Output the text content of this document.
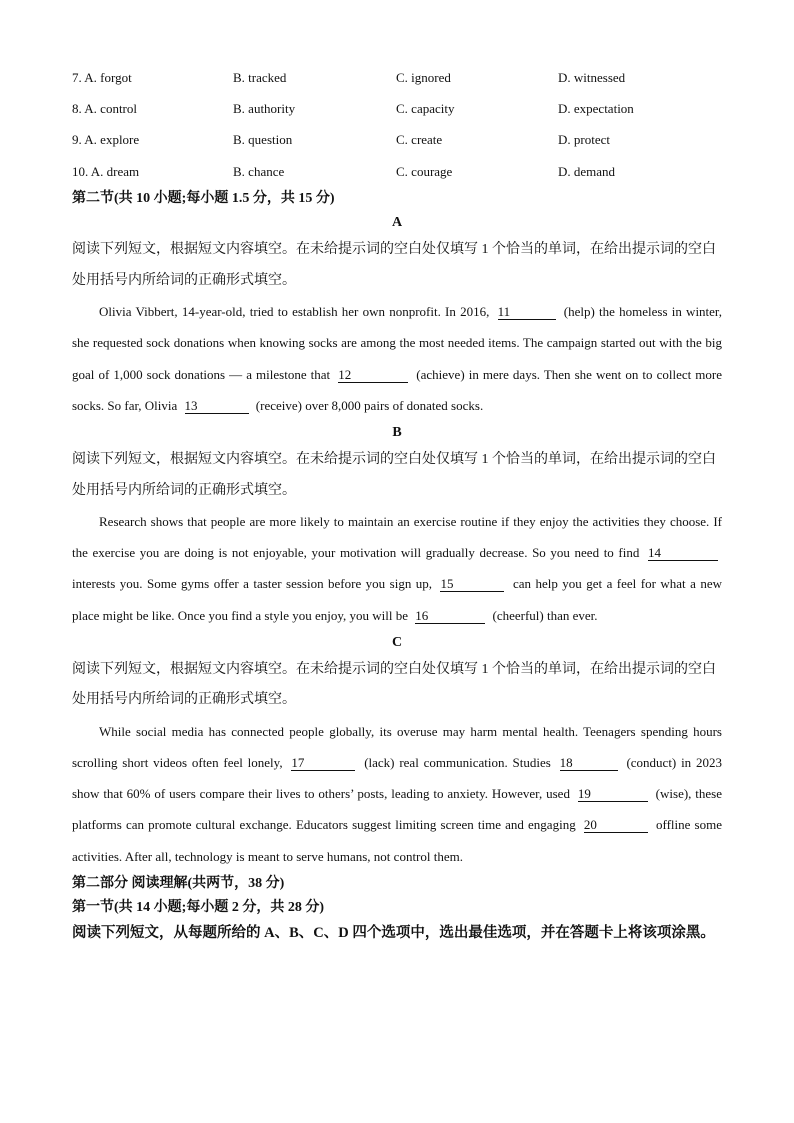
7. A. forgot	B. tracked	C. ignored	D. witnessed
8. A. control	B. authority	C. capacity	D. expectation
9. A. explore	B. question	C. create	D. protect
10. A. dream	B. chance	C. courage	D. demand
第二节(共 10 小题;每小题 1.5 分，共 15 分)
A
阅读下列短文，根据短文内容填空。在未给提示词的空白处仅填写 1 个恰当的单词，在给出提示词的空白
处用括号内所给词的正确形式填空。
Olivia Vibbert, 14-year-old, tried to establish her own nonprofit. In 2016, 11	(help) the homeless in winter, she requested sock donations when knowing socks are among the most needed items. The campaign started out with the big goal of 1,000 sock donations — a milestone that 12	(achieve) in mere days. Then she went on to collect more socks. So far, Olivia 13	(receive) over 8,000 pairs of donated socks.
B
阅读下列短文，根据短文内容填空。在未给提示词的空白处仅填写 1 个恰当的单词，在给出提示词的空白
处用括号内所给词的正确形式填空。
Research shows that people are more likely to maintain an exercise routine if they enjoy the activities they choose. If the exercise you are doing is not enjoyable, your motivation will gradually decrease. So you need to find 14 interests you. Some gyms offer a taster session before you sign up, 15	can help you get a feel for what a new place might be like. Once you find a style you enjoy, you will be 16	(cheerful) than ever.
C
阅读下列短文，根据短文内容填空。在未给提示词的空白处仅填写 1 个恰当的单词，在给出提示词的空白
处用括号内所给词的正确形式填空。
While social media has connected people globally, its overuse may harm mental health. Teenagers spending hours scrolling short videos often feel lonely, 17	(lack) real communication. Studies 18	(conduct) in 2023 show that 60% of users compare their lives to others’ posts, leading to anxiety. However, used 19	(wise), these platforms can promote cultural exchange. Educators suggest limiting screen time and engaging 20	offline some activities. After all, technology is meant to serve humans, not control them.
第二部分 阅读理解(共两节，38 分)
第一节(共 14 小题;每小题 2 分，共 28 分)
阅读下列短文，从每题所给的 A、B、C、D 四个选项中，选出最佳选项，并在答题卡上将该项涂黑。
